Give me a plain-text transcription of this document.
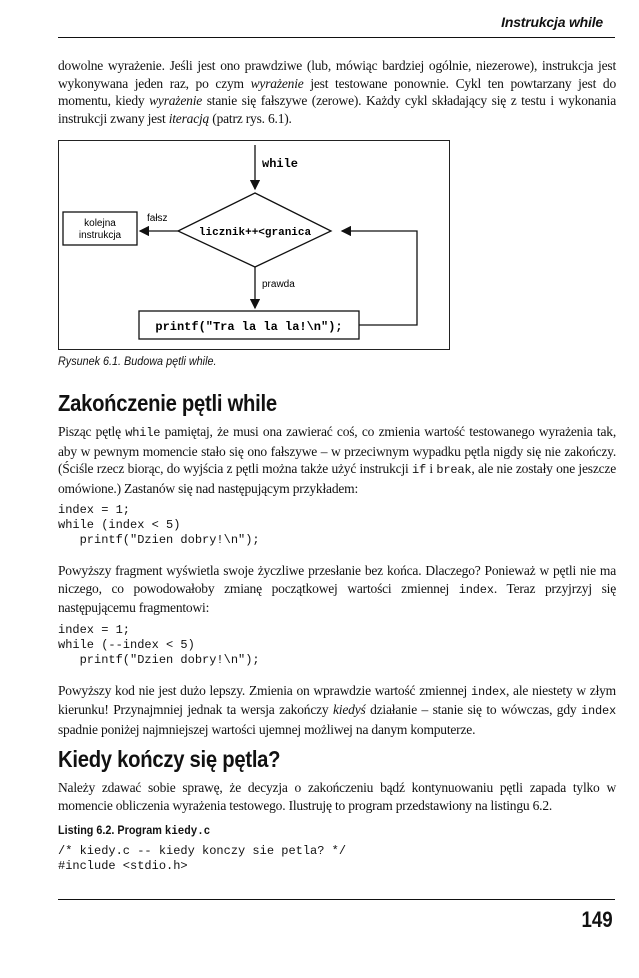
Instrukcja while

dowolne wyrażenie. Jeśli jest ono prawdziwe (lub, mówiąc bardziej ogólnie, niezerowe), instrukcja jest wykonywana jeden raz, po czym wyrażenie jest testowane ponownie. Cykl ten powtarzany jest do momentu, kiedy wyrażenie stanie się fałszywe (zerowe). Każdy cykl składający się z testu i wykonania instrukcji zwany jest iteracją (patrz rys. 6.1).

while
licznik++<granica
fałsz
kolejna
instrukcja
prawda
printf("Tra la la la!\n");
Rysunek 6.1. Budowa pętli while.
Zakończenie pętli while

Pisząc pętlę while pamiętaj, że musi ona zawierać coś, co zmienia wartość testowanego wyrażenia tak, aby w pewnym momencie stało się ono fałszywe – w przeciwnym wypadku pętla nigdy się nie zakończy. (Ściśle rzecz biorąc, do wyjścia z pętli można także użyć instrukcji if i break, ale nie zostały one jeszcze omówione.) Zastanów się nad następującym przykładem:

index = 1;
while (index < 5)
printf("Dzien dobry!\n");

Powyższy fragment wyświetla swoje życzliwe przesłanie bez końca. Dlaczego? Ponieważ w pętli nie ma niczego, co powodowałoby zmianę początkowej wartości zmiennej index. Teraz przyjrzyj się następującemu fragmentowi:

index = 1;
while (--index < 5)
printf("Dzien dobry!\n");

Powyższy kod nie jest dużo lepszy. Zmienia on wprawdzie wartość zmiennej index, ale niestety w złym kierunku! Przynajmniej jednak ta wersja zakończy kiedyś działanie – stanie się to wówczas, gdy index spadnie poniżej najmniejszej wartości ujemnej możliwej na danym komputerze.

Kiedy kończy się pętla?

Należy zdawać sobie sprawę, że decyzja o zakończeniu bądź kontynuowaniu pętli zapada tylko w momencie obliczenia wyrażenia testowego. Ilustruję to program przedstawiony na listingu 6.2.

Listing 6.2. Program kiedy.c
/* kiedy.c -- kiedy konczy sie petla? */
#include <stdio.h>
149
